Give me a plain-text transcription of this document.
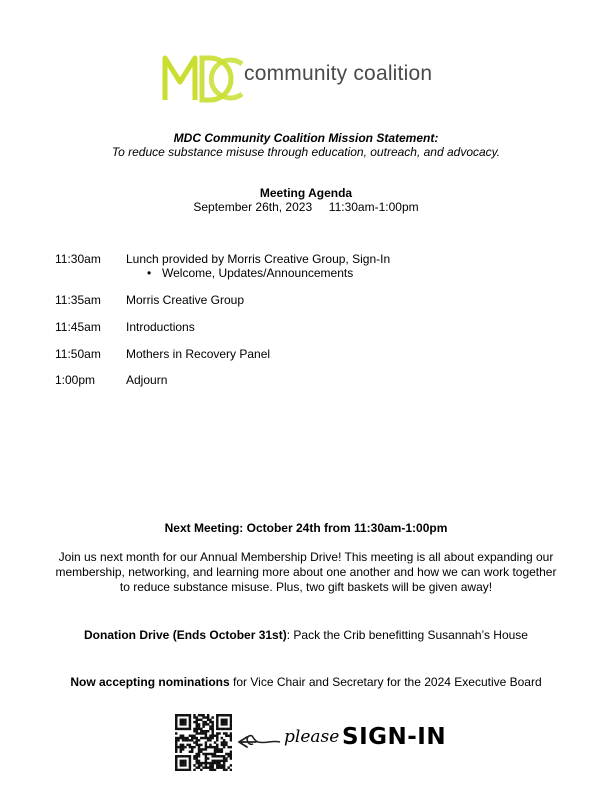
community coalition
MDC Community Coalition Mission Statement:
To reduce substance misuse through education, outreach, and advocacy.
Meeting Agenda
September 26th, 2023 11:30am-1:00pm
11:30am Lunch provided by Morris Creative Group, Sign-In
• Welcome, Updates/Announcements
11:35am Morris Creative Group
11:45am Introductions
11:50am Mothers in Recovery Panel
1:00pm	Adjourn
Next Meeting: October 24th from 11:30am-1:00pm
Join us next month for our Annual Membership Drive! This meeting is all about expanding our membership, networking, and learning more about one another and how we can work together to reduce substance misuse. Plus, two gift baskets will be given away!
Donation Drive (Ends October 31st): Pack the Crib benefitting Susannah’s House
Now accepting nominations for Vice Chair and Secretary for the 2024 Executive Board
please SIGN-IN
